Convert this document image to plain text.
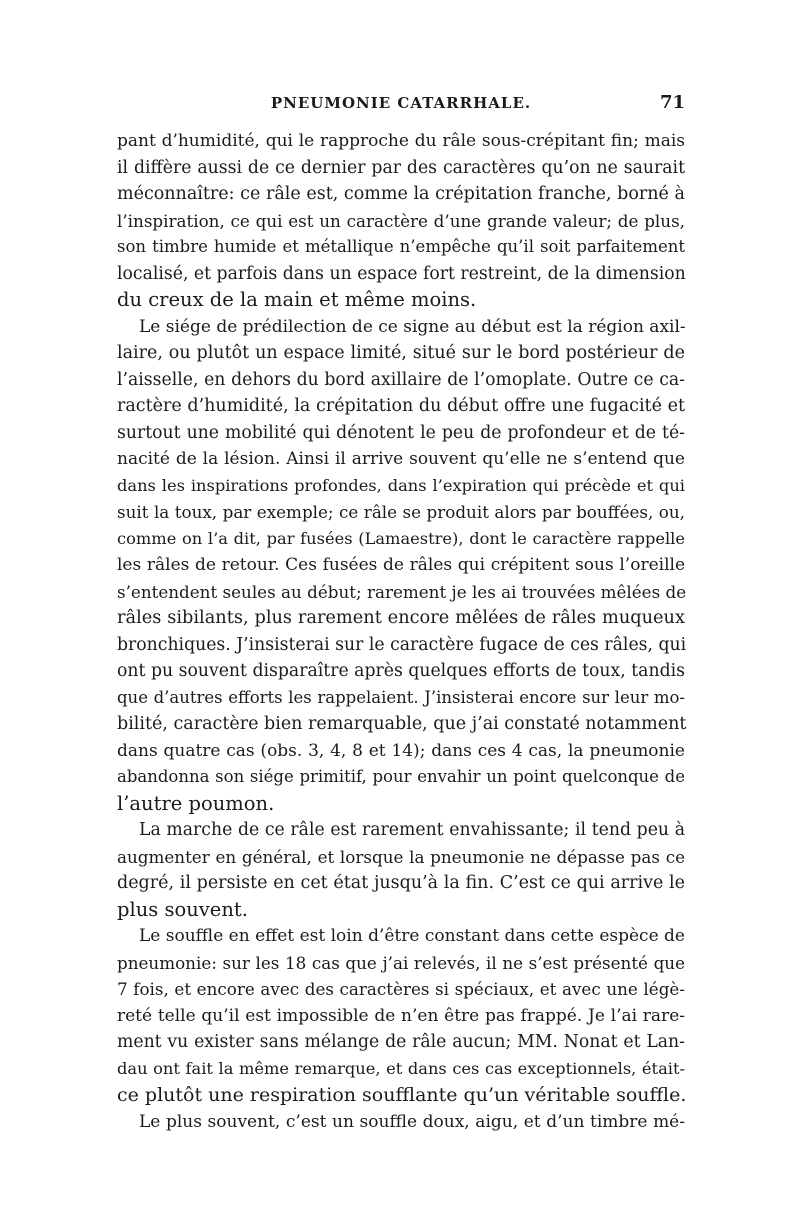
PNEUMONIE CATARRHALE.	71
pant d’humidité, qui le rapproche du râle sous-crépitant fin; mais
il diffère aussi de ce dernier par des caractères qu’on ne saurait
méconnaître: ce râle est, comme la crépitation franche, borné à
l’inspiration, ce qui est un caractère d’une grande valeur; de plus,
son timbre humide et métallique n’empêche qu’il soit parfaitement
localisé, et parfois dans un espace fort restreint, de la dimension
du creux de la main et même moins.
Le siége de prédilection de ce signe au début est la région axil-
laire, ou plutôt un espace limité, situé sur le bord postérieur de
l’aisselle, en dehors du bord axillaire de l’omoplate. Outre ce ca-
ractère d’humidité, la crépitation du début offre une fugacité et
surtout une mobilité qui dénotent le peu de profondeur et de té-
nacité de la lésion. Ainsi il arrive souvent qu’elle ne s’entend que
dans les inspirations profondes, dans l’expiration qui précède et qui
suit la toux, par exemple; ce râle se produit alors par bouffées, ou,
comme on l’a dit, par fusées (Lamaestre), dont le caractère rappelle
les râles de retour. Ces fusées de râles qui crépitent sous l’oreille
s’entendent seules au début; rarement je les ai trouvées mêlées de
râles sibilants, plus rarement encore mêlées de râles muqueux
bronchiques. J’insisterai sur le caractère fugace de ces râles, qui
ont pu souvent disparaître après quelques efforts de toux, tandis
que d’autres efforts les rappelaient. J’insisterai encore sur leur mo-
bilité, caractère bien remarquable, que j’ai constaté notamment
dans quatre cas (obs. 3, 4, 8 et 14); dans ces 4 cas, la pneumonie
abandonna son siége primitif, pour envahir un point quelconque de
l’autre poumon.
La marche de ce râle est rarement envahissante; il tend peu à
augmenter en général, et lorsque la pneumonie ne dépasse pas ce
degré, il persiste en cet état jusqu’à la fin. C’est ce qui arrive le
plus souvent.
Le souffle en effet est loin d’être constant dans cette espèce de
pneumonie: sur les 18 cas que j’ai relevés, il ne s’est présenté que
7 fois, et encore avec des caractères si spéciaux, et avec une légè-
reté telle qu’il est impossible de n’en être pas frappé. Je l’ai rare-
ment vu exister sans mélange de râle aucun; MM. Nonat et Lan-
dau ont fait la même remarque, et dans ces cas exceptionnels, était-
ce plutôt une respiration soufflante qu’un véritable souffle.
Le plus souvent, c’est un souffle doux, aigu, et d’un timbre mé-
